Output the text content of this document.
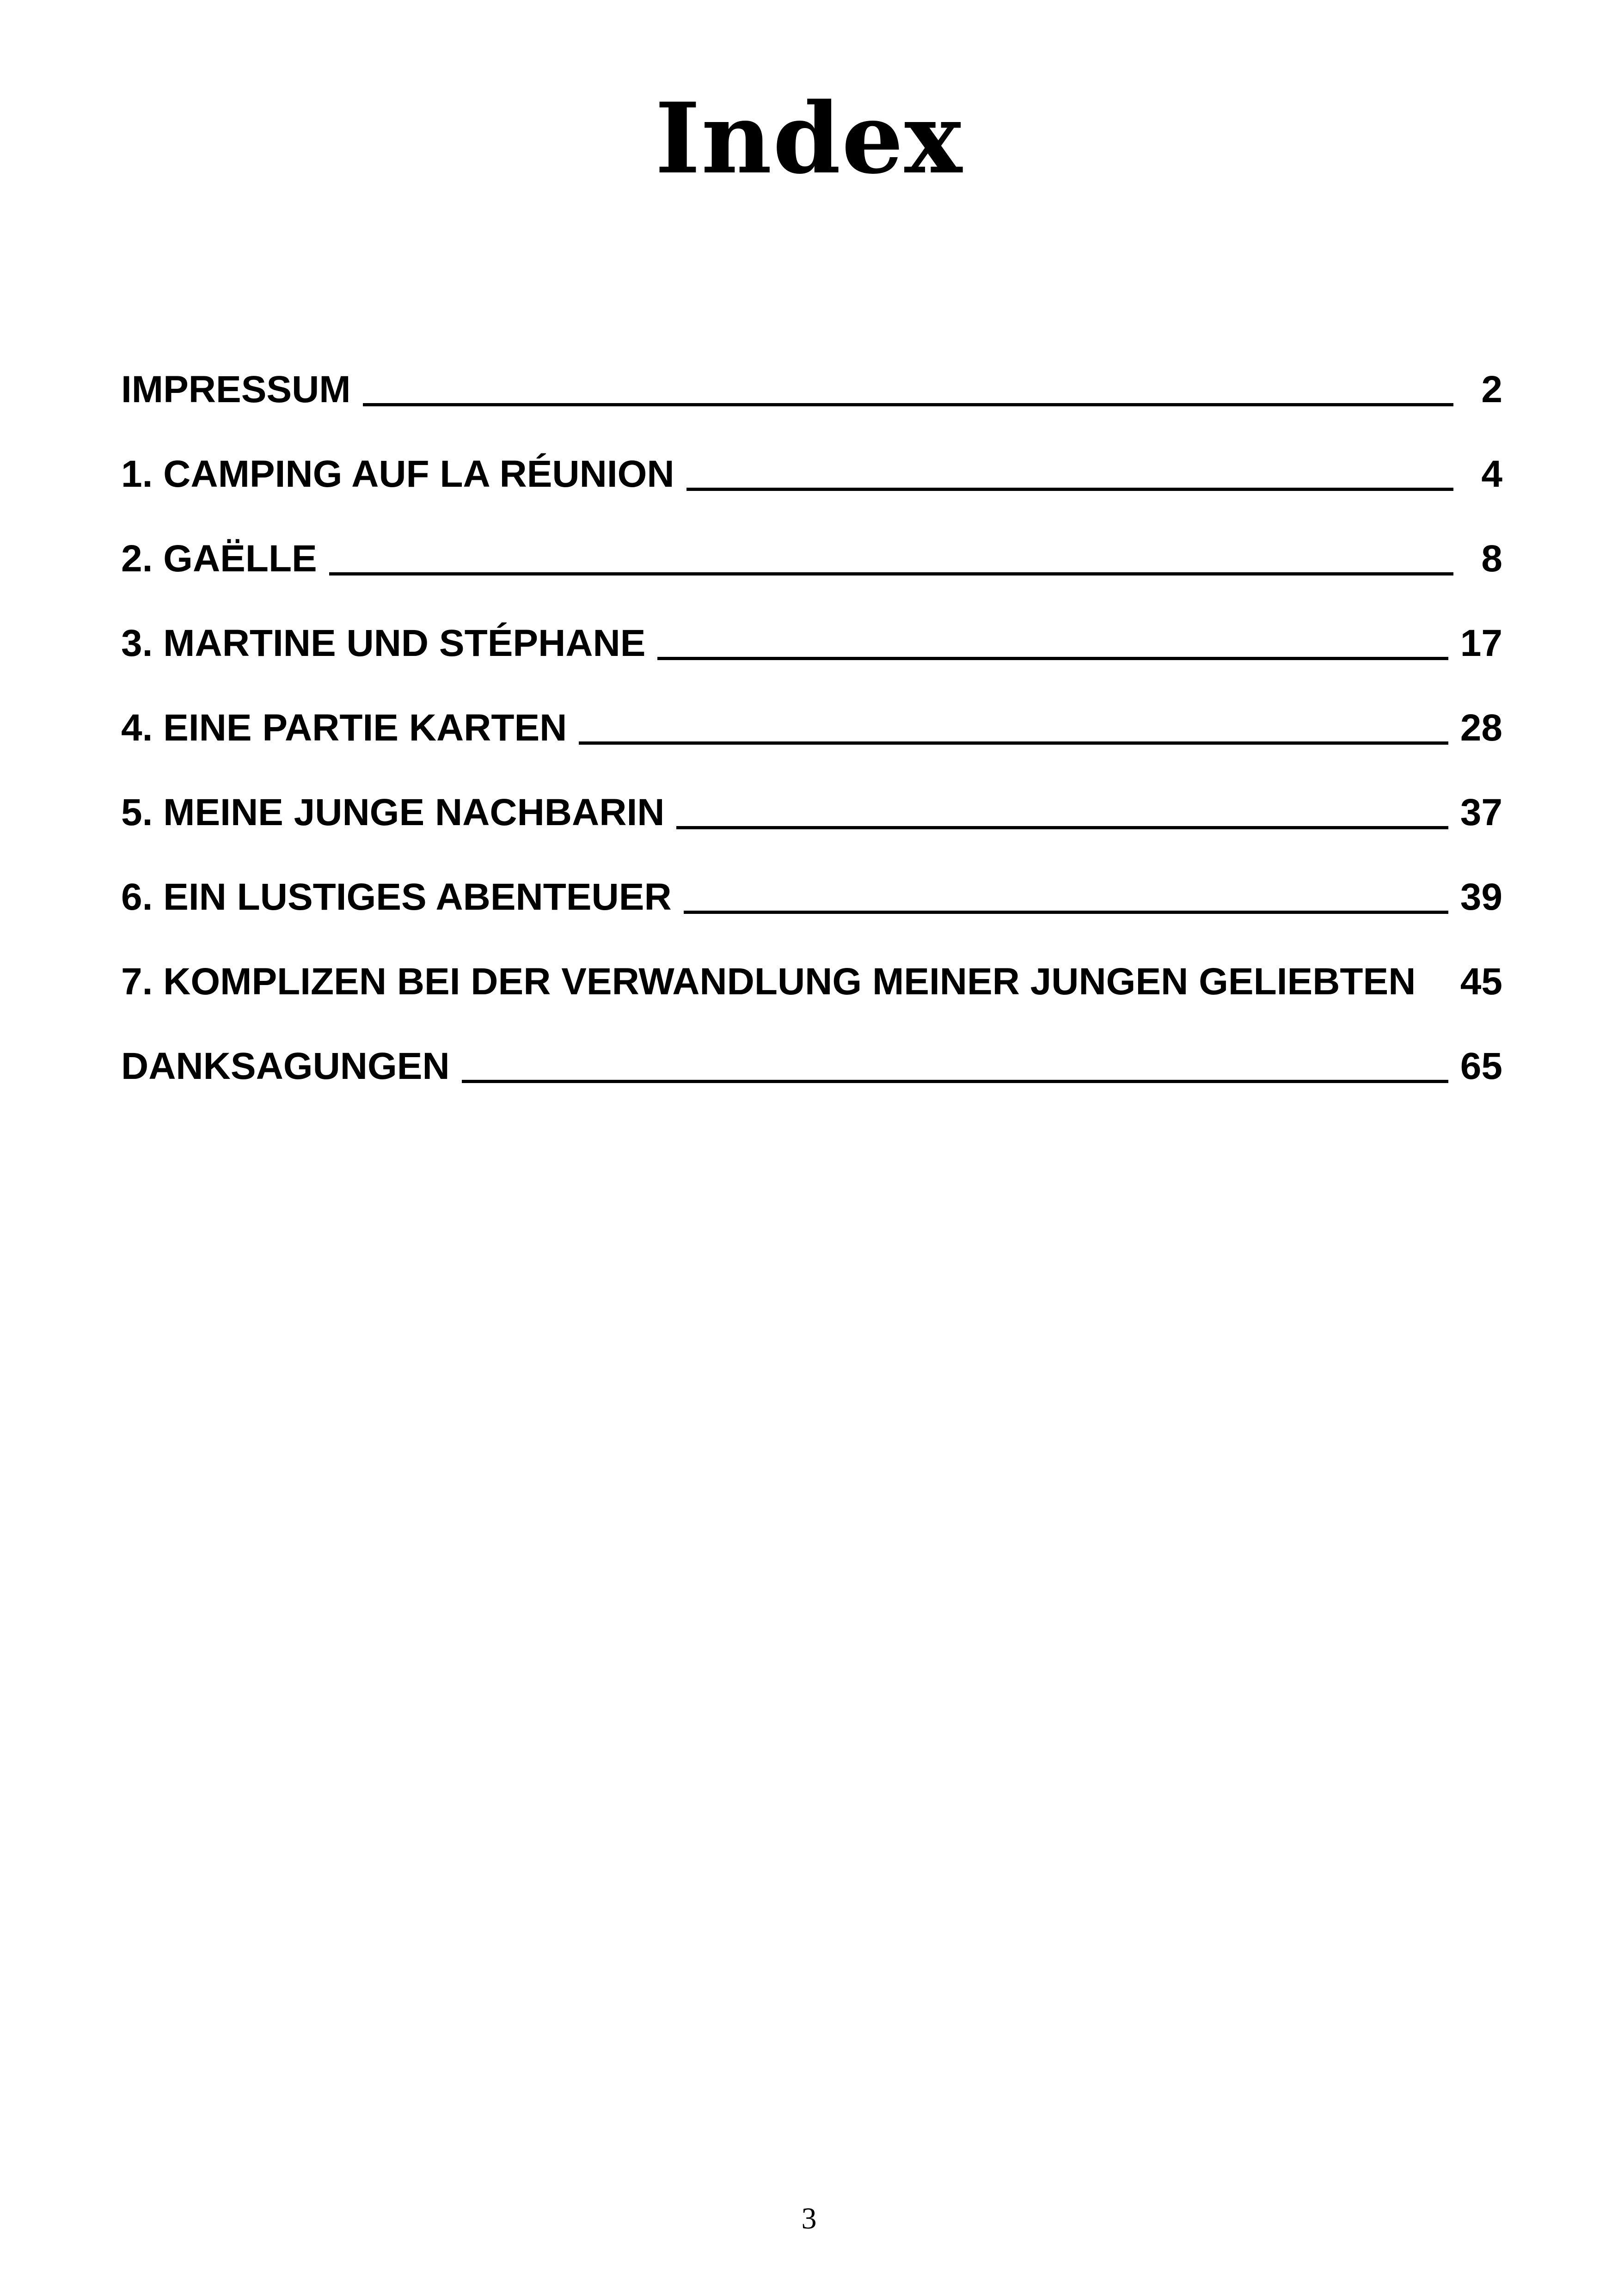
Index
IMPRESSUM	2
1. CAMPING AUF LA RÉUNION	4
2. GAËLLE	8
3. MARTINE UND STÉPHANE	17
4. EINE PARTIE KARTEN	28
5. MEINE JUNGE NACHBARIN	37
6. EIN LUSTIGES ABENTEUER	39
7. KOMPLIZEN BEI DER VERWANDLUNG MEINER JUNGEN GELIEBTEN 45
DANKSAGUNGEN	65
3
